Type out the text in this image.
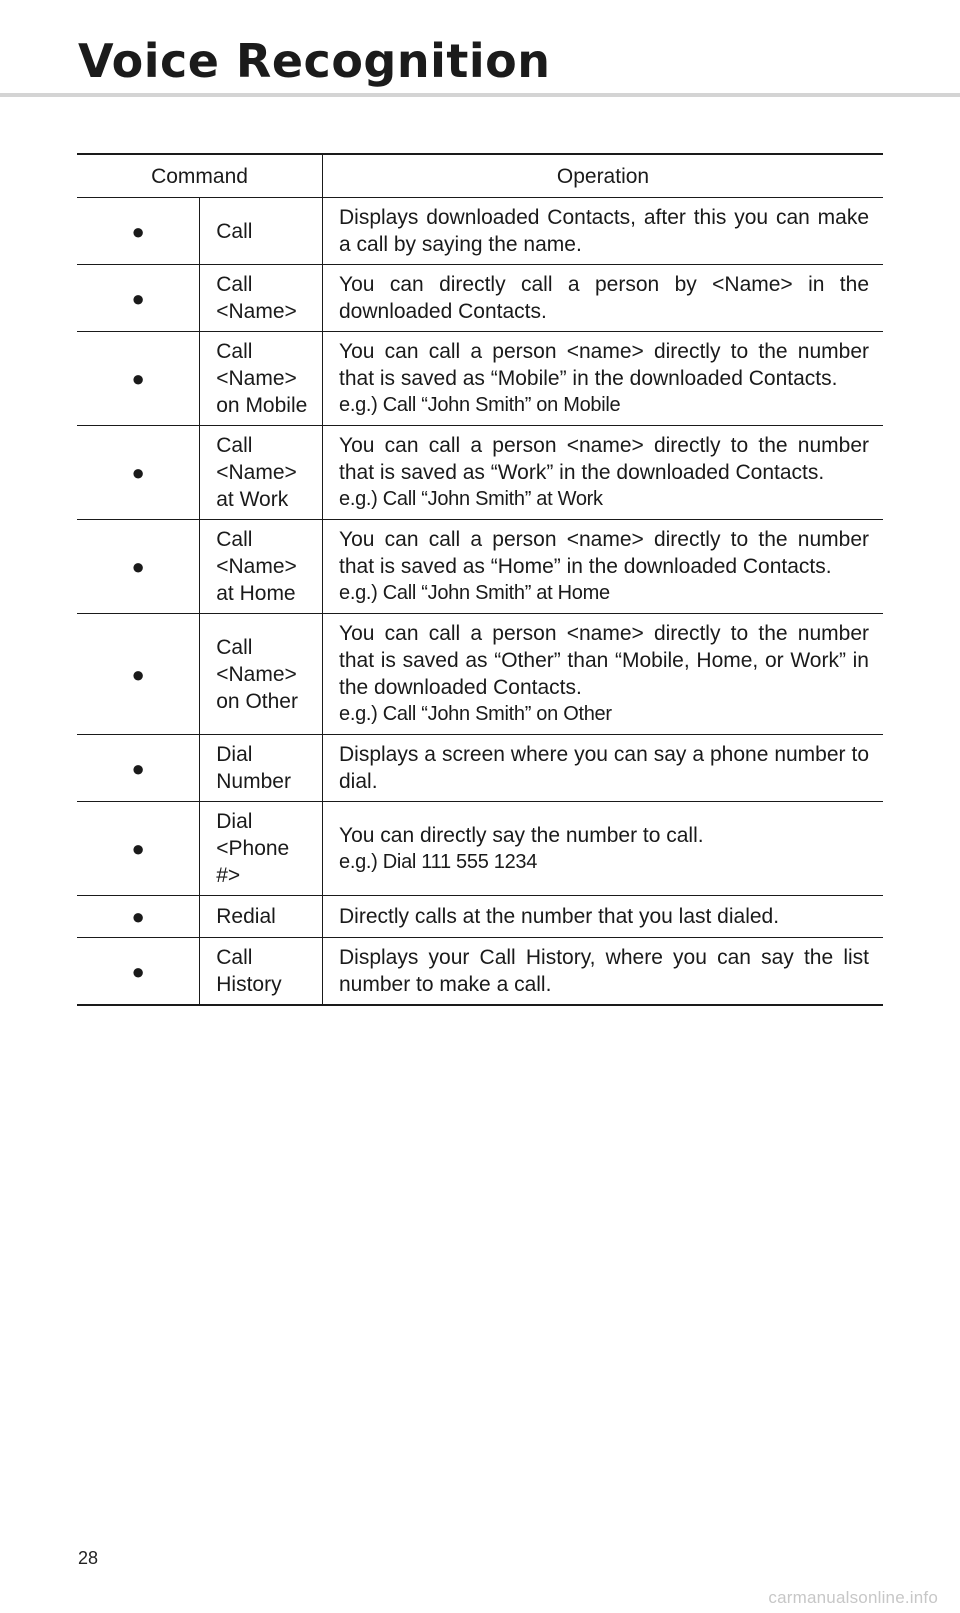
Voice Recognition
Command		Operation
●	Call	Displays downloaded Contacts, after this you can make a call by saying the name.

●	Call <Name>	You can directly call a person by <Name> in the downloaded Contacts.

●	Call <Name> on Mobile	You can call a person <name> directly to the number that is saved as “Mobile” in the downloaded Contacts.
e.g.) Call “John Smith” on Mobile

●	Call <Name> at Work	You can call a person <name> directly to the number that is saved as “Work” in the downloaded Contacts.
e.g.) Call “John Smith” at Work

●	Call <Name> at Home	You can call a person <name> directly to the number that is saved as “Home” in the downloaded Contacts.
e.g.) Call “John Smith” at Home

●	Call <Name> on Other	You can call a person <name> directly to the number that is saved as “Other” than “Mobile, Home, or Work” in the downloaded Contacts.
e.g.) Call “John Smith” on Other

●	Dial Number	Displays a screen where you can say a phone number to dial.

●	Dial <Phone #>	You can directly say the number to call.
e.g.) Dial 111 555 1234

●	Redial	Directly calls at the number that you last dialed.

●	Call History	Displays your Call History, where you can say the list number to make a call.
28
carmanualsonline.info
